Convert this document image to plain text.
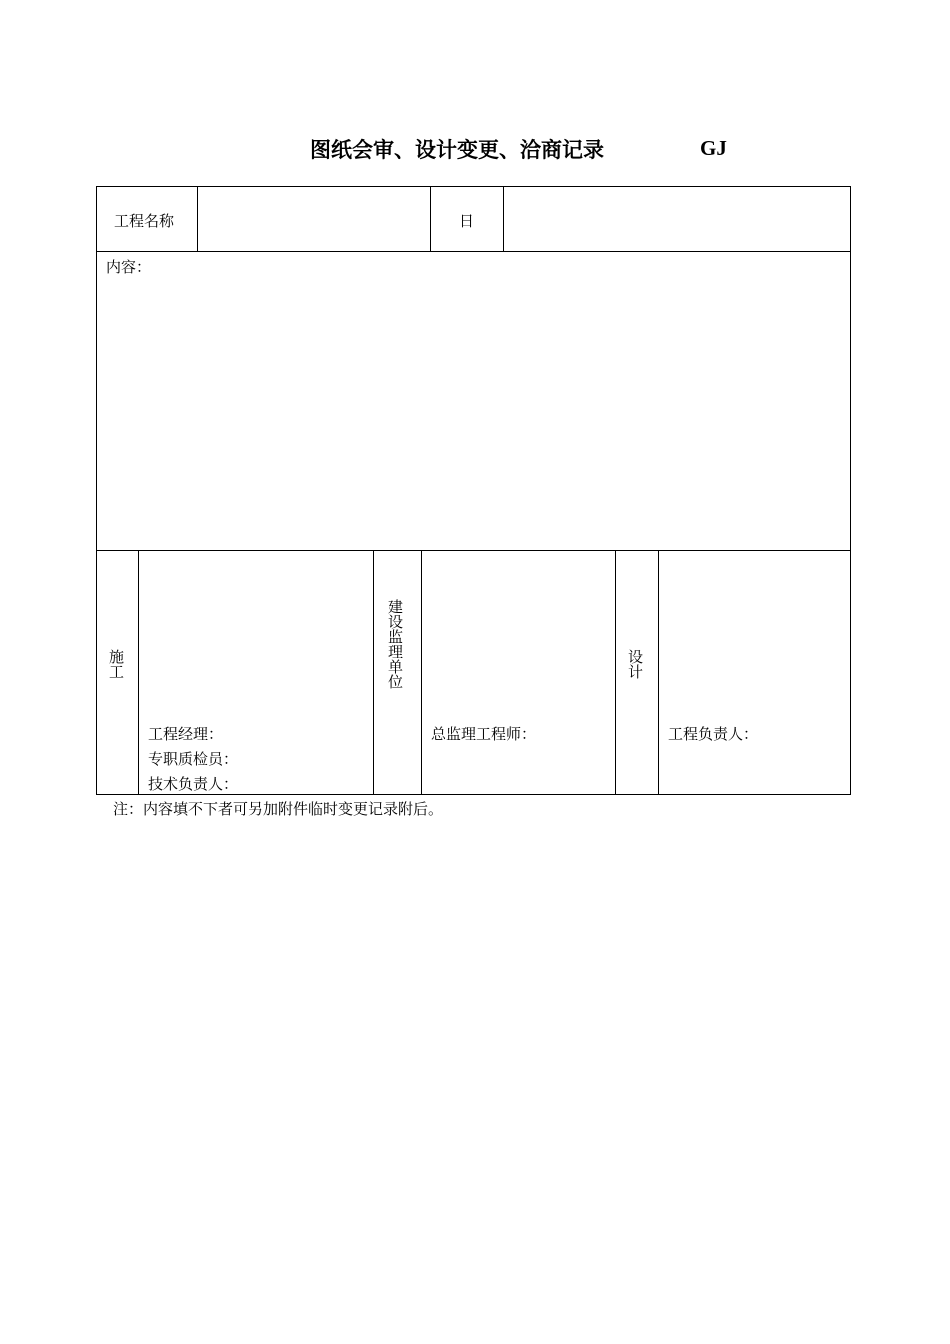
图纸会审、设计变更、洽商记录	GJ
工程名称	日
内容：
施工
工程经理：
专职质检员：
技术负责人：
建设监理单位
总监理工程师：
设计
工程负责人：
注：内容填不下者可另加附件临时变更记录附后。
